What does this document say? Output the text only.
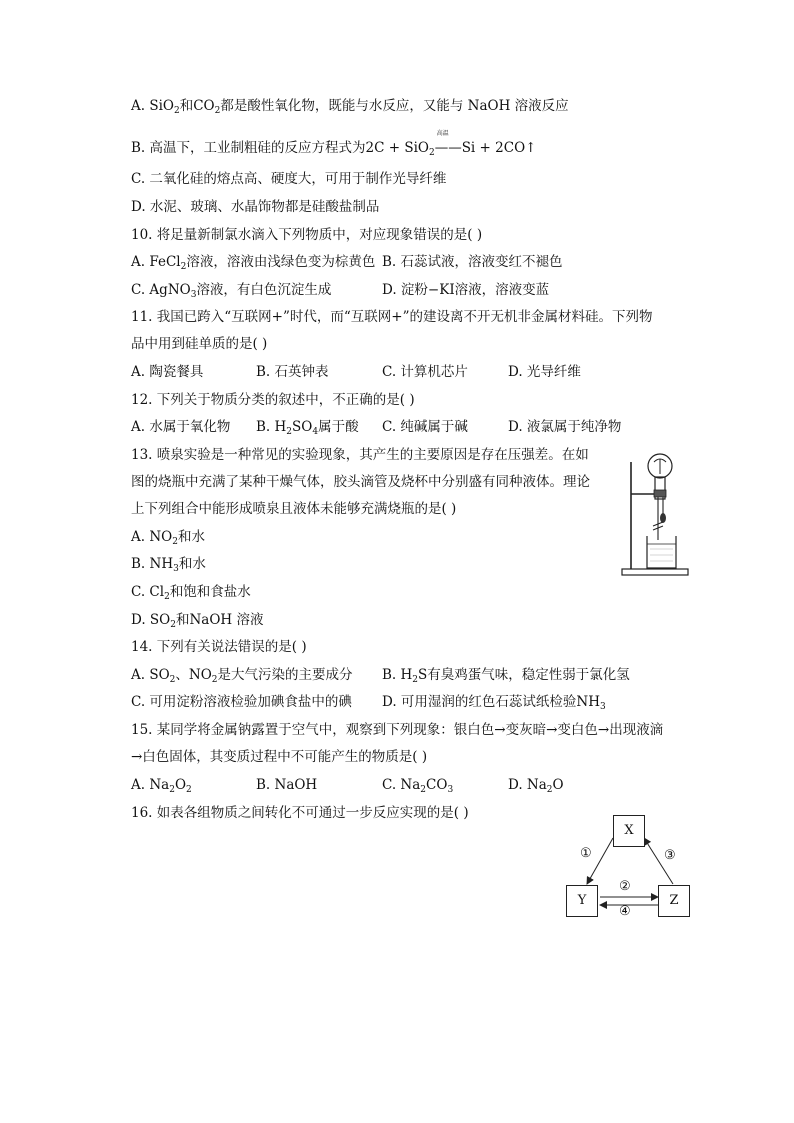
A. SiO$_2$和$CO_2$都是酸性氧化物，既能与水反应，又能与 NaOH 溶液反应
B. 高温下，工业制粗硅的反应方程式为2C + SiO$_2$
高温
——Si + 2CO↑
C. 二氧化硅的熔点高、硬度大，可用于制作光导纤维
D. 水泥、玻璃、水晶饰物都是硅酸盐制品
10. 将足量新制氯水滴入下列物质中，对应现象错误的是( )
A. FeCl$_2$溶液，溶液由浅绿色变为棕黄色 B. 石蕊试液，溶液变红不褪色
C. AgNO$_3$溶液，有白色沉淀生成	D. 淀粉−KI溶液，溶液变蓝
11. 我国已跨入“互联网+”时代，而“互联网+”的建设离不开无机非金属材料硅。下列物
品中用到硅单质的是( )
A. 陶瓷餐具	B. 石英钟表	C. 计算机芯片	D. 光导纤维
12. 下列关于物质分类的叙述中，不正确的是( )
A. 水属于氧化物 B. $H_2SO_4$属于酸 C. 纯碱属于碱	D. 液氯属于纯净物
13. 喷泉实验是一种常见的实验现象，其产生的主要原因是存在压强差。在如
图的烧瓶中充满了某种干燥气体，胶头滴管及烧杯中分别盛有同种液体。理论
上下列组合中能形成喷泉且液体未能够充满烧瓶的是( )
A. $NO_2$和水
B. $NH_3$和水
C. $Cl_2$和饱和食盐水
D. $SO_2$和NaOH 溶液
14. 下列有关说法错误的是( )
A. $SO_2$、$NO_2$是大气污染的主要成分 B. $H_2S$有臭鸡蛋气味，稳定性弱于氯化氢
C. 可用淀粉溶液检验加碘食盐中的碘 D. 可用湿润的红色石蕊试纸检验$NH_3$
15. 某同学将金属钠露置于空气中，观察到下列现象：银白色→变灰暗→变白色→出现液滴
→白色固体，其变质过程中不可能产生的物质是( )
A. $Na_2O_2$	B. NaOH	C. $Na_2CO_3$	D. $Na_2O$
16. 如表各组物质之间转化不可通过一步反应实现的是( )
X
Y	Z
①	③
②
④
